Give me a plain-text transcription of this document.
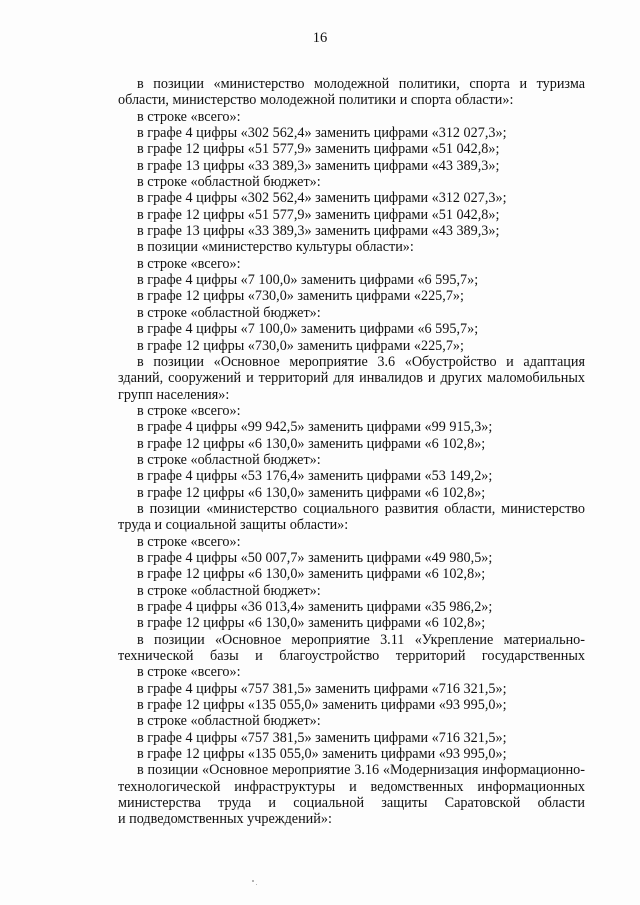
16
в позиции «министерство молодежной политики, спорта и туризма
области, министерство молодежной политики и спорта области»:
в строке «всего»:
в графе 4 цифры «302 562,4» заменить цифрами «312 027,3»;
в графе 12 цифры «51 577,9» заменить цифрами «51 042,8»;
в графе 13 цифры «33 389,3» заменить цифрами «43 389,3»;
в строке «областной бюджет»:
в графе 4 цифры «302 562,4» заменить цифрами «312 027,3»;
в графе 12 цифры «51 577,9» заменить цифрами «51 042,8»;
в графе 13 цифры «33 389,3» заменить цифрами «43 389,3»;
в позиции «министерство культуры области»:
в строке «всего»:
в графе 4 цифры «7 100,0» заменить цифрами «6 595,7»;
в графе 12 цифры «730,0» заменить цифрами «225,7»;
в строке «областной бюджет»:
в графе 4 цифры «7 100,0» заменить цифрами «6 595,7»;
в графе 12 цифры «730,0» заменить цифрами «225,7»;
в позиции «Основное мероприятие 3.6 «Обустройство и адаптация
зданий, сооружений и территорий для инвалидов и других маломобильных
групп населения»:
в строке «всего»:
в графе 4 цифры «99 942,5» заменить цифрами «99 915,3»;
в графе 12 цифры «6 130,0» заменить цифрами «6 102,8»;
в строке «областной бюджет»:
в графе 4 цифры «53 176,4» заменить цифрами «53 149,2»;
в графе 12 цифры «6 130,0» заменить цифрами «6 102,8»;
в позиции «министерство социального развития области, министерство
труда и социальной защиты области»:
в строке «всего»:
в графе 4 цифры «50 007,7» заменить цифрами «49 980,5»;
в графе 12 цифры «6 130,0» заменить цифрами «6 102,8»;
в строке «областной бюджет»:
в графе 4 цифры «36 013,4» заменить цифрами «35 986,2»;
в графе 12 цифры «6 130,0» заменить цифрами «6 102,8»;
в позиции «Основное мероприятие 3.11 «Укрепление материально-
технической базы и благоустройство территорий государственных
в строке «всего»:
в графе 4 цифры «757 381,5» заменить цифрами «716 321,5»;
в графе 12 цифры «135 055,0» заменить цифрами «93 995,0»;
в строке «областной бюджет»:
в графе 4 цифры «757 381,5» заменить цифрами «716 321,5»;
в графе 12 цифры «135 055,0» заменить цифрами «93 995,0»;
в позиции «Основное мероприятие 3.16 «Модернизация информационно-
технологической инфраструктуры и ведомственных информационных
министерства труда и социальной защиты Саратовской области
и подведомственных учреждений»:
